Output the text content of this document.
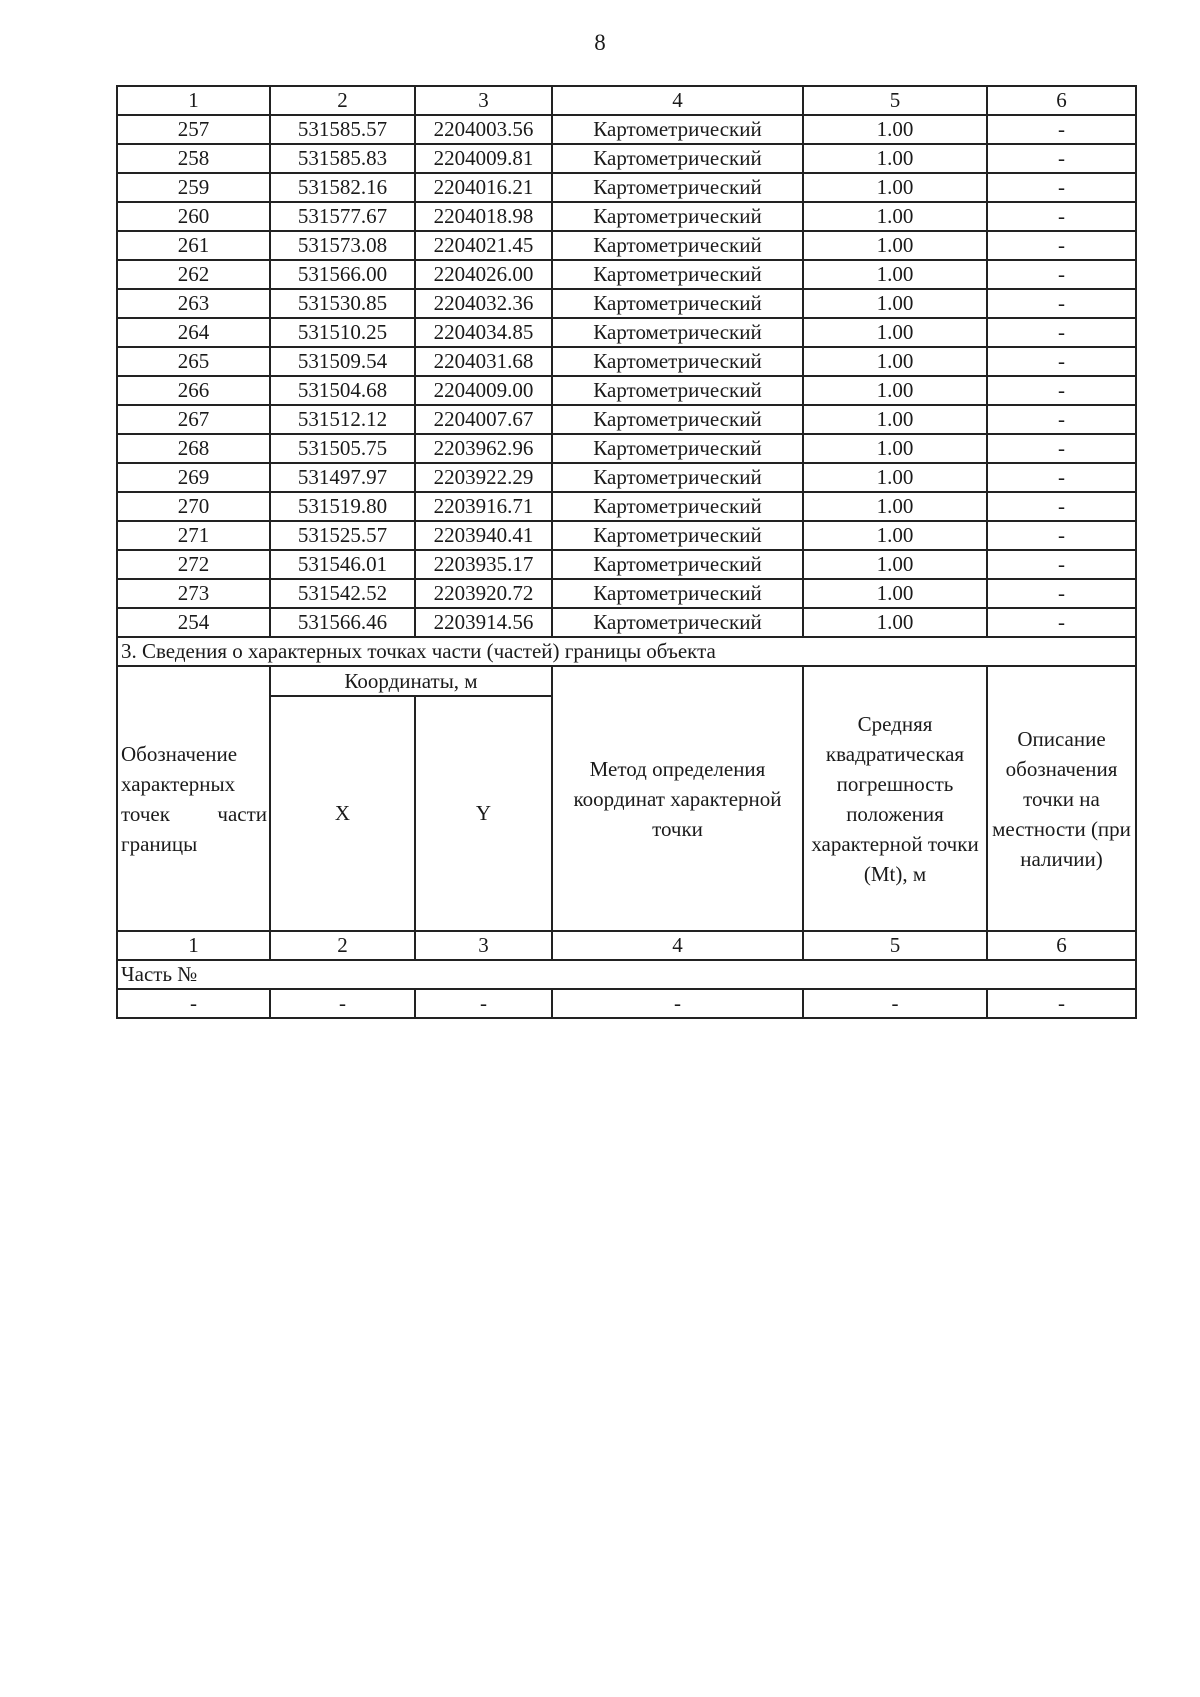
8
1	2	3	4	5	6
257	531585.57	2204003.56	Картометрический	1.00	-
258	531585.83	2204009.81	Картометрический	1.00	-
259	531582.16	2204016.21	Картометрический	1.00	-
260	531577.67	2204018.98	Картометрический	1.00	-
261	531573.08	2204021.45	Картометрический	1.00	-
262	531566.00	2204026.00	Картометрический	1.00	-
263	531530.85	2204032.36	Картометрический	1.00	-
264	531510.25	2204034.85	Картометрический	1.00	-
265	531509.54	2204031.68	Картометрический	1.00	-
266	531504.68	2204009.00	Картометрический	1.00	-
267	531512.12	2204007.67	Картометрический	1.00	-
268	531505.75	2203962.96	Картометрический	1.00	-
269	531497.97	2203922.29	Картометрический	1.00	-
270	531519.80	2203916.71	Картометрический	1.00	-
271	531525.57	2203940.41	Картометрический	1.00	-
272	531546.01	2203935.17	Картометрический	1.00	-
273	531542.52	2203920.72	Картометрический	1.00	-
254	531566.46	2203914.56	Картометрический	1.00	-
3. Сведения о характерных точках части (частей) границы объекта					

Обозначение характерных точек части границы	Координаты, м		Метод определения координат характерной точки	Средняя квадратическая погрешность положения характерной точки (Mt), м	Описание обозначения точки на местности (при наличии)
	X	Y			
1	2	3	4	5	6
Часть №					
-	-	-	-	-	-
